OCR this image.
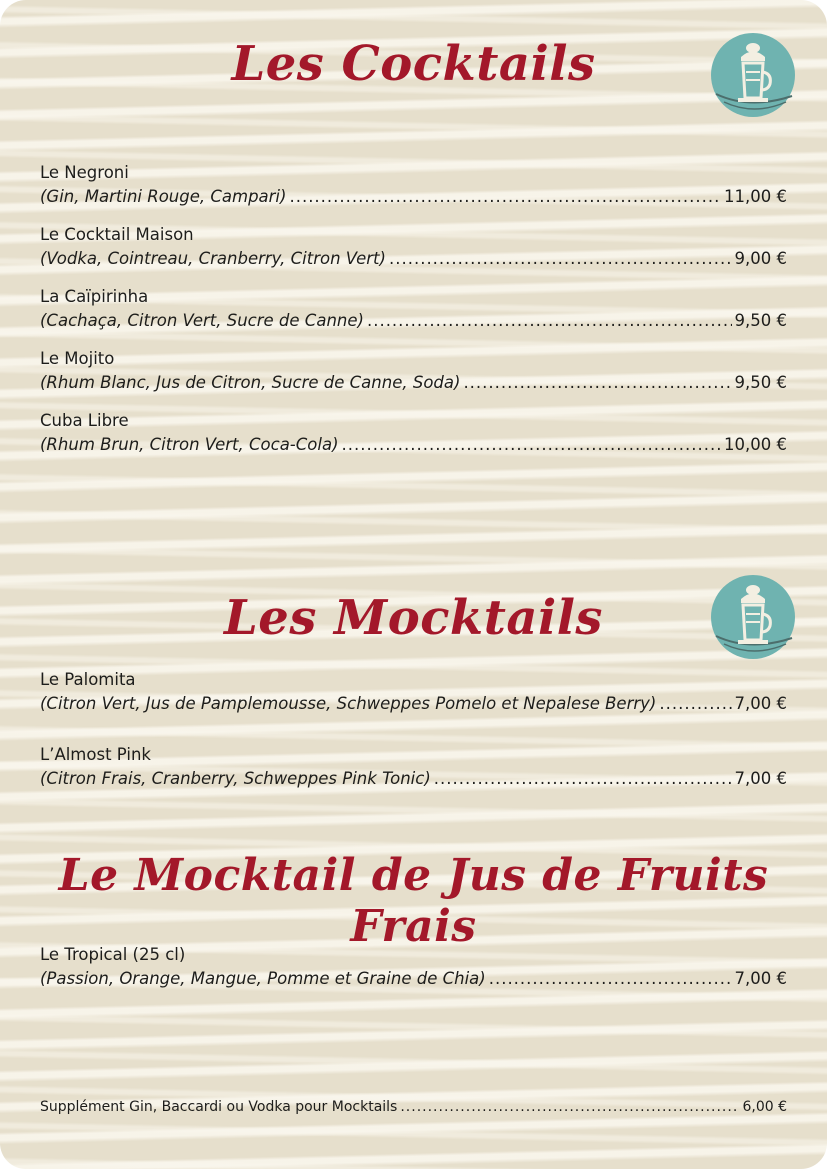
Les Cocktails
Le Negroni
(Gin, Martini Rouge, Campari) .....	11,00 €
Le Cocktail Maison
(Vodka, Cointreau, Cranberry, Citron Vert) .....	9,00 €
La Caïpirinha
(Cachaça, Citron Vert, Sucre de Canne) .....	9,50 €
Le Mojito
(Rhum Blanc, Jus de Citron, Sucre de Canne, Soda) .....	9,50 €
Cuba Libre
(Rhum Brun, Citron Vert, Coca-Cola) .....	10,00 €
Les Mocktails
Le Palomita
(Citron Vert, Jus de Pamplemousse, Schweppes Pomelo et Nepalese Berry) .....	7,00 €
L’Almost Pink
(Citron Frais, Cranberry, Schweppes Pink Tonic) .....	7,00 €
Le Mocktail de Jus de Fruits Frais
Le Tropical (25 cl)
(Passion, Orange, Mangue, Pomme et Graine de Chia) .....	7,00 €
Supplément Gin, Baccardi ou Vodka pour Mocktails .....	6,00 €
